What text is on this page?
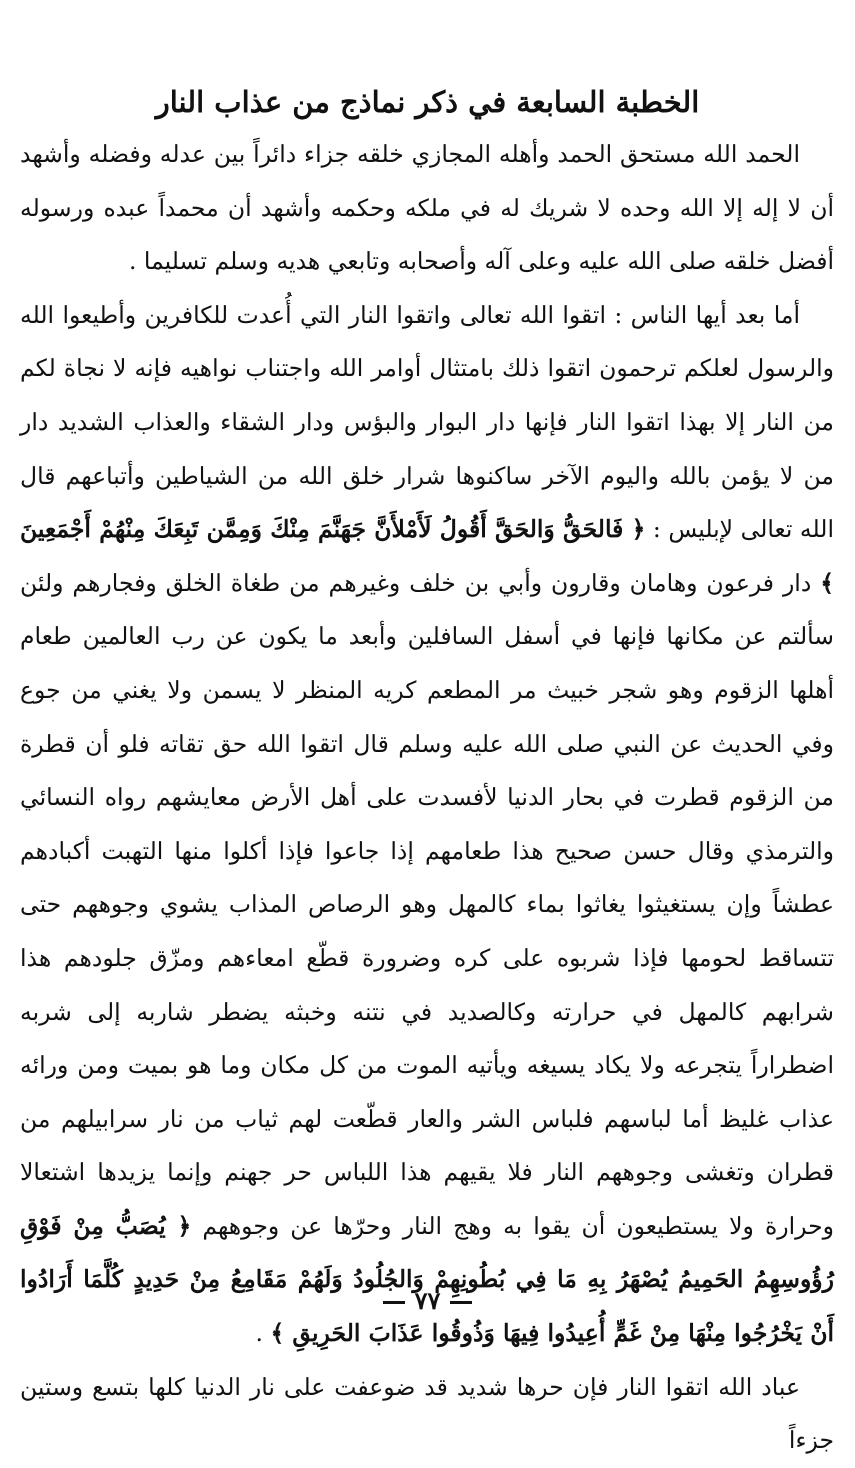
الخطبة السابعة في ذكر نماذج من عذاب النار

الحمد الله مستحق الحمد وأهله المجازي خلقه جزاء دائراً بين عدله وفضله وأشهد أن لا إله إلا الله وحده لا شريك له في ملكه وحكمه وأشهد أن محمداً عبده ورسوله أفضل خلقه صلى الله عليه وعلى آله وأصحابه وتابعي هديه وسلم تسليما .

أما بعد أيها الناس : اتقوا الله تعالى واتقوا النار التي أُعدت للكافرين وأطيعوا الله والرسول لعلكم ترحمون اتقوا ذلك بامتثال أوامر الله واجتناب نواهيه فإنه لا نجاة لكم من النار إلا بهذا اتقوا النار فإنها دار البوار والبؤس ودار الشقاء والعذاب الشديد دار من لا يؤمن بالله واليوم الآخر ساكنوها شرار خلق الله من الشياطين وأتباعهم قال الله تعالى لإبليس : ﴿ فَالحَقُّ وَالحَقَّ أَقُولُ لَأَمْلأَنَّ جَهَنَّمَ مِنْكَ وَمِمَّن تَبِعَكَ مِنْهُمْ أَجْمَعِينَ ﴾ دار فرعون وهامان وقارون وأبي بن خلف وغيرهم من طغاة الخلق وفجارهم ولئن سألتم عن مكانها فإنها في أسفل السافلين وأبعد ما يكون عن رب العالمين طعام أهلها الزقوم وهو شجر خبيث مر المطعم كريه المنظر لا يسمن ولا يغني من جوع وفي الحديث عن النبي صلى الله عليه وسلم قال اتقوا الله حق تقاته فلو أن قطرة من الزقوم قطرت في بحار الدنيا لأفسدت على أهل الأرض معايشهم رواه النسائي والترمذي وقال حسن صحيح هذا طعامهم إذا جاعوا فإذا أكلوا منها التهبت أكبادهم عطشاً وإن يستغيثوا يغاثوا بماء كالمهل وهو الرصاص المذاب يشوي وجوههم حتى تتساقط لحومها فإذا شربوه على كره وضرورة قطّع امعاءهم ومزّق جلودهم هذا شرابهم كالمهل في حرارته وكالصديد في نتنه وخبثه يضطر شاربه إلى شربه اضطراراً يتجرعه ولا يكاد يسيغه ويأتيه الموت من كل مكان وما هو بميت ومن ورائه عذاب غليظ أما لباسهم فلباس الشر والعار قطّعت لهم ثياب من نار سرابيلهم من قطران وتغشى وجوههم النار فلا يقيهم هذا اللباس حر جهنم وإنما يزيدها اشتعالا وحرارة ولا يستطيعون أن يقوا به وهج النار وحرّها عن وجوههم ﴿ يُصَبُّ مِنْ فَوْقِ رُؤُوسِهِمُ الحَمِيمُ يُصْهَرُ بِهِ مَا فِي بُطُونِهِمْ وَالجُلُودُ وَلَهُمْ مَقَامِعُ مِنْ حَدِيدٍ كُلَّمَا أَرَادُوا أَنْ يَخْرُجُوا مِنْهَا مِنْ غَمٍّ أُعِيدُوا فِيهَا وَذُوقُوا عَذَابَ الحَرِيقِ ﴾ .

عباد الله اتقوا النار فإن حرها شديد قد ضوعفت على نار الدنيا كلها بتسع وستين جزءاً

٧٧
